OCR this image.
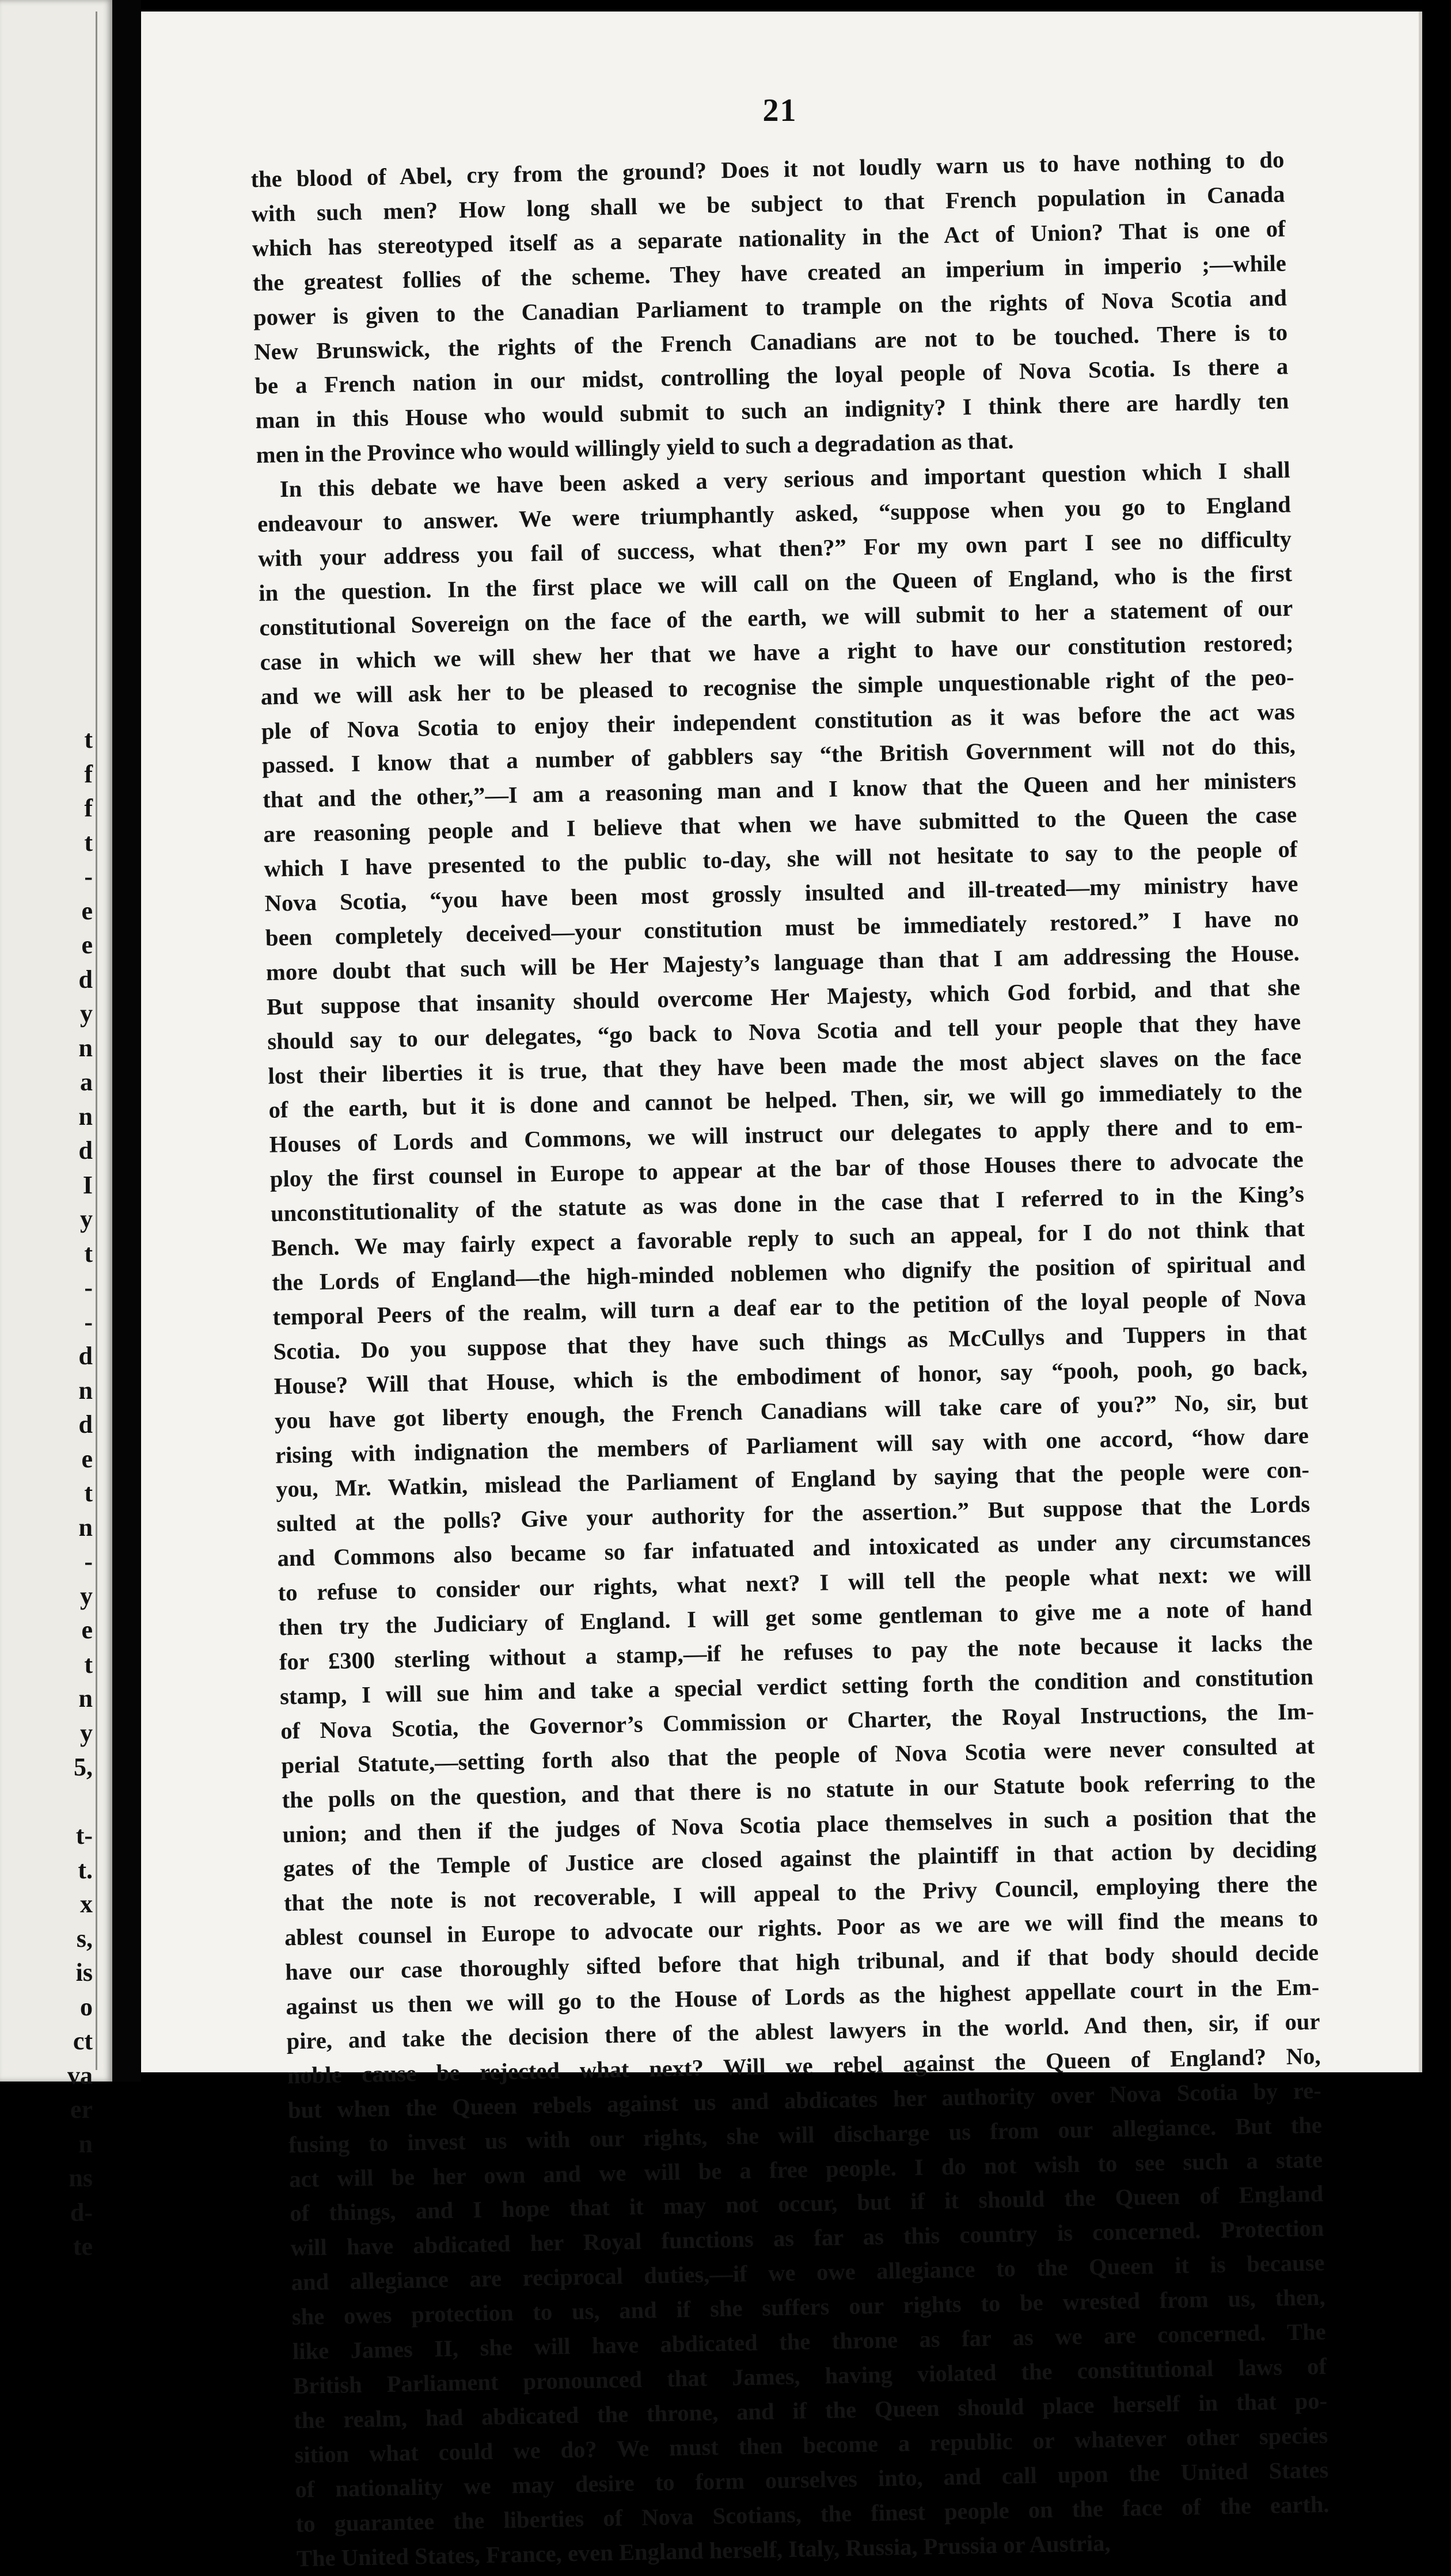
t
f
f
t
-
e
e
d
y
n
a
n
d
I
y
t
-
-
d
n
d
e
t
n
-
y
e
t
n
y
5,

t-
t.
x
s,
is
o
ct
va
er
n
ns
d-
te
21
the blood of Abel, cry from the ground? Does it not loudly warn us to have nothing to do
with such men? How long shall we be subject to that French population in Canada
which has stereotyped itself as a separate nationality in the Act of Union? That is one of
the greatest follies of the scheme. They have created an imperium in imperio ;—while
power is given to the Canadian Parliament to trample on the rights of Nova Scotia and
New Brunswick, the rights of the French Canadians are not to be touched. There is to
be a French nation in our midst, controlling the loyal people of Nova Scotia. Is there a
man in this House who would submit to such an indignity? I think there are hardly ten
men in the Province who would willingly yield to such a degradation as that.
In this debate we have been asked a very serious and important question which I shall
endeavour to answer. We were triumphantly asked, “suppose when you go to England
with your address you fail of success, what then?” For my own part I see no difficulty
in the question. In the first place we will call on the Queen of England, who is the first
constitutional Sovereign on the face of the earth, we will submit to her a statement of our
case in which we will shew her that we have a right to have our constitution restored;
and we will ask her to be pleased to recognise the simple unquestionable right of the peo-
ple of Nova Scotia to enjoy their independent constitution as it was before the act was
passed. I know that a number of gabblers say “the British Government will not do this,
that and the other,”—I am a reasoning man and I know that the Queen and her ministers
are reasoning people and I believe that when we have submitted to the Queen the case
which I have presented to the public to-day, she will not hesitate to say to the people of
Nova Scotia, “you have been most grossly insulted and ill-treated—my ministry have
been completely deceived—your constitution must be immediately restored.” I have no
more doubt that such will be Her Majesty’s language than that I am addressing the House.
But suppose that insanity should overcome Her Majesty, which God forbid, and that she
should say to our delegates, “go back to Nova Scotia and tell your people that they have
lost their liberties it is true, that they have been made the most abject slaves on the face
of the earth, but it is done and cannot be helped. Then, sir, we will go immediately to the
Houses of Lords and Commons, we will instruct our delegates to apply there and to em-
ploy the first counsel in Europe to appear at the bar of those Houses there to advocate the
unconstitutionality of the statute as was done in the case that I referred to in the King’s
Bench. We may fairly expect a favorable reply to such an appeal, for I do not think that
the Lords of England—the high-minded noblemen who dignify the position of spiritual and
temporal Peers of the realm, will turn a deaf ear to the petition of the loyal people of Nova
Scotia. Do you suppose that they have such things as McCullys and Tuppers in that
House? Will that House, which is the embodiment of honor, say “pooh, pooh, go back,
you have got liberty enough, the French Canadians will take care of you?” No, sir, but
rising with indignation the members of Parliament will say with one accord, “how dare
you, Mr. Watkin, mislead the Parliament of England by saying that the people were con-
sulted at the polls? Give your authority for the assertion.” But suppose that the Lords
and Commons also became so far infatuated and intoxicated as under any circumstances
to refuse to consider our rights, what next? I will tell the people what next: we will
then try the Judiciary of England. I will get some gentleman to give me a note of hand
for £300 sterling without a stamp,—if he refuses to pay the note because it lacks the
stamp, I will sue him and take a special verdict setting forth the condition and constitution
of Nova Scotia, the Governor’s Commission or Charter, the Royal Instructions, the Im-
perial Statute,—setting forth also that the people of Nova Scotia were never consulted at
the polls on the question, and that there is no statute in our Statute book referring to the
union; and then if the judges of Nova Scotia place themselves in such a position that the
gates of the Temple of Justice are closed against the plaintiff in that action by deciding
that the note is not recoverable, I will appeal to the Privy Council, employing there the
ablest counsel in Europe to advocate our rights. Poor as we are we will find the means to
have our case thoroughly sifted before that high tribunal, and if that body should decide
against us then we will go to the House of Lords as the highest appellate court in the Em-
pire, and take the decision there of the ablest lawyers in the world. And then, sir, if our
noble cause be rejected what next? Will we rebel against the Queen of England? No,
but when the Queen rebels against us and abdicates her authority over Nova Scotia by re-
fusing to invest us with our rights, she will discharge us from our allegiance. But the
act will be her own and we will be a free people. I do not wish to see such a state
of things, and I hope that it may not occur, but if it should the Queen of England
will have abdicated her Royal functions as far as this country is concerned. Protection
and allegiance are reciprocal duties,—if we owe allegiance to the Queen it is because
she owes protection to us, and if she suffers our rights to be wrested from us, then,
like James II, she will have abdicated the throne as far as we are concerned. The
British Parliament pronounced that James, having violated the constitutional laws of
the realm, had abdicated the throne, and if the Queen should place herself in that po-
sition what could we do? We must then become a republic or whatever other species
of nationality we may desire to form ourselves into, and call upon the United States
to guarantee the liberties of Nova Scotians, the finest people on the face of the earth.
The United States, France, even England herself, Italy, Russia, Prussia or Austria,
